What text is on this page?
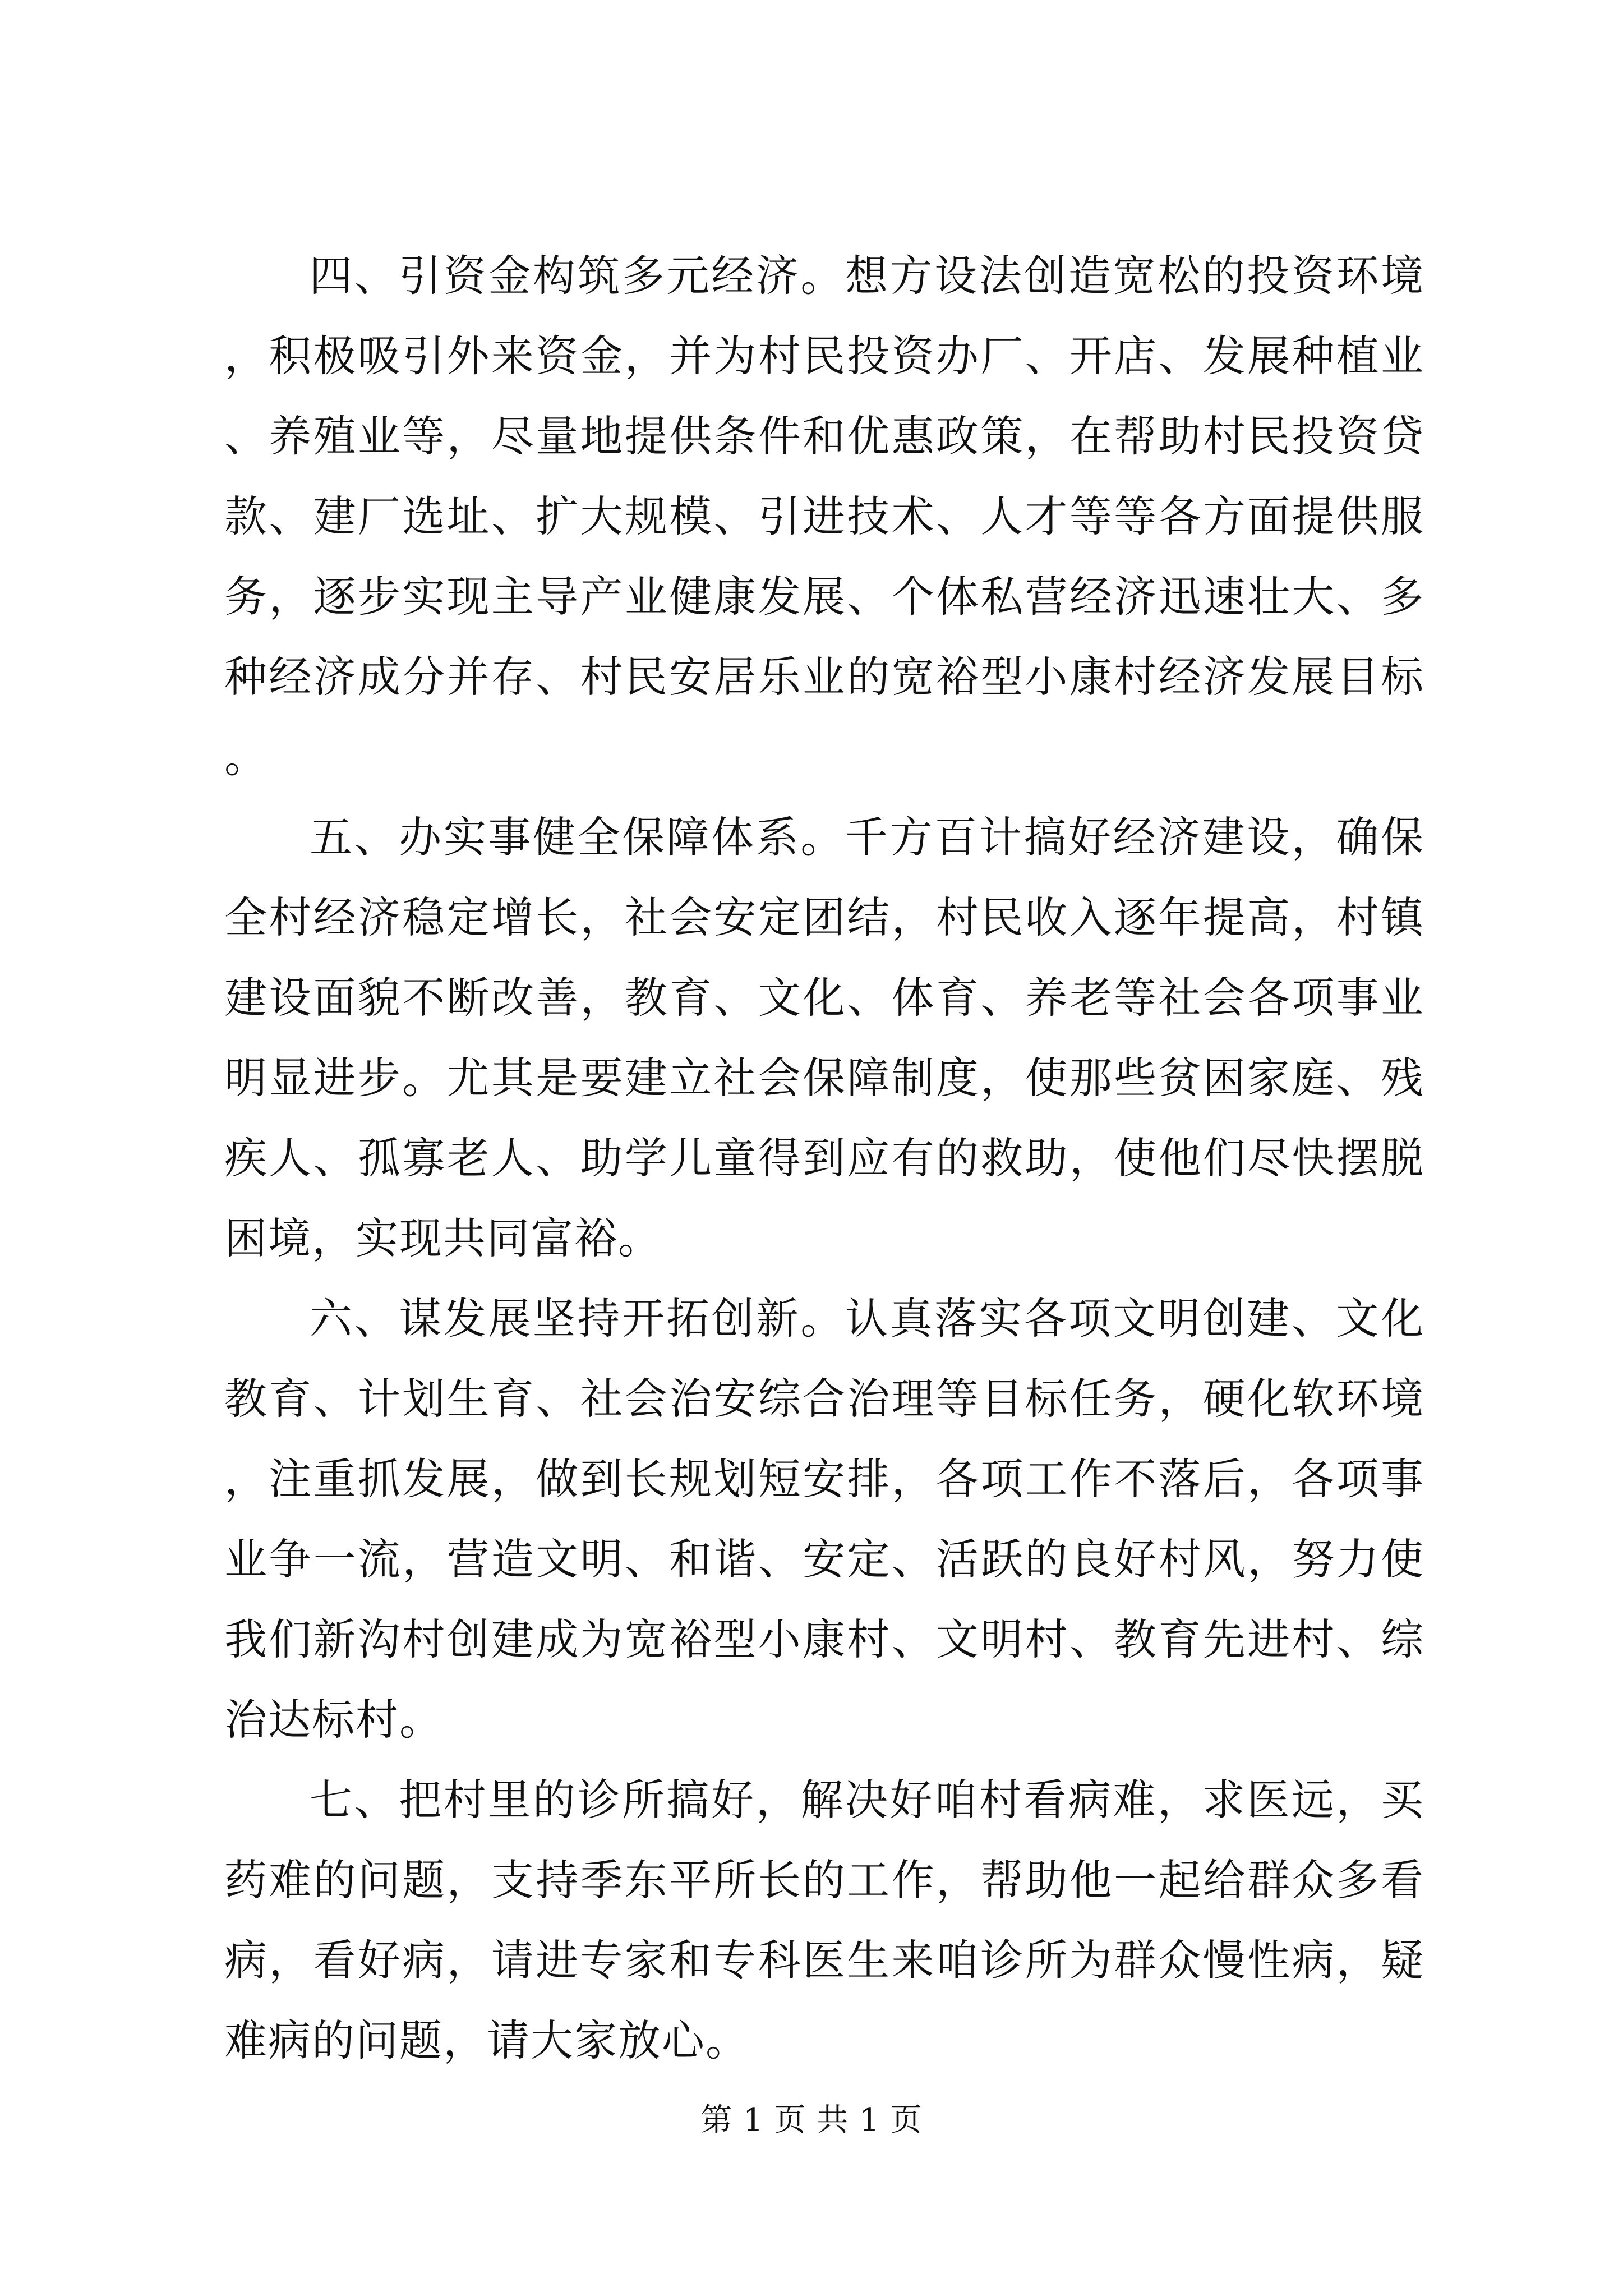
四、引资金构筑多元经济。想方设法创造宽松的投资环境，积极吸引外来资金，并为村民投资办厂、开店、发展种植业、养殖业等，尽量地提供条件和优惠政策，在帮助村民投资贷款、建厂选址、扩大规模、引进技术、人才等等各方面提供服务，逐步实现主导产业健康发展、个体私营经济迅速壮大、多种经济成分并存、村民安居乐业的宽裕型小康村经济发展目标。

五、办实事健全保障体系。千方百计搞好经济建设，确保全村经济稳定增长，社会安定团结，村民收入逐年提高，村镇建设面貌不断改善，教育、文化、体育、养老等社会各项事业明显进步。尤其是要建立社会保障制度，使那些贫困家庭、残疾人、孤寡老人、助学儿童得到应有的救助，使他们尽快摆脱困境，实现共同富裕。

六、谋发展坚持开拓创新。认真落实各项文明创建、文化教育、计划生育、社会治安综合治理等目标任务，硬化软环境，注重抓发展，做到长规划短安排，各项工作不落后，各项事业争一流，营造文明、和谐、安定、活跃的良好村风，努力使我们新沟村创建成为宽裕型小康村、文明村、教育先进村、综治达标村。

七、把村里的诊所搞好，解决好咱村看病难，求医远，买药难的问题，支持季东平所长的工作，帮助他一起给群众多看病，看好病，请进专家和专科医生来咱诊所为群众慢性病，疑难病的问题，请大家放心。

第 1 页 共 1 页
